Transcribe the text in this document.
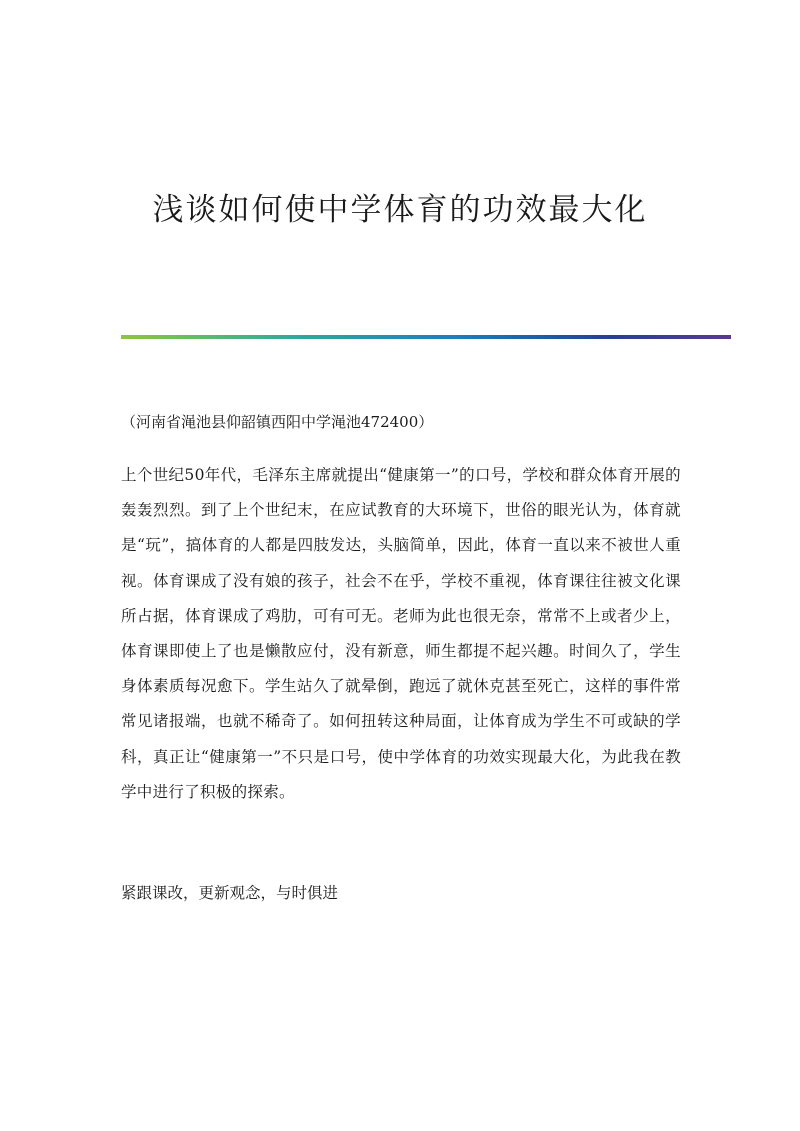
浅谈如何使中学体育的功效最大化

（河南省渑池县仰韶镇西阳中学渑池472400）

上个世纪50年代，毛泽东主席就提出“健康第一”的口号，学校和群众体育开展的轰轰烈烈。到了上个世纪末，在应试教育的大环境下，世俗的眼光认为，体育就是“玩”，搞体育的人都是四肢发达，头脑简单，因此，体育一直以来不被世人重视。体育课成了没有娘的孩子，社会不在乎，学校不重视，体育课往往被文化课所占据，体育课成了鸡肋，可有可无。老师为此也很无奈，常常不上或者少上，体育课即使上了也是懒散应付，没有新意，师生都提不起兴趣。时间久了，学生身体素质每况愈下。学生站久了就晕倒，跑远了就休克甚至死亡，这样的事件常常见诸报端，也就不稀奇了。如何扭转这种局面，让体育成为学生不可或缺的学科，真正让“健康第一”不只是口号，使中学体育的功效实现最大化，为此我在教学中进行了积极的探索。

紧跟课改，更新观念，与时俱进
